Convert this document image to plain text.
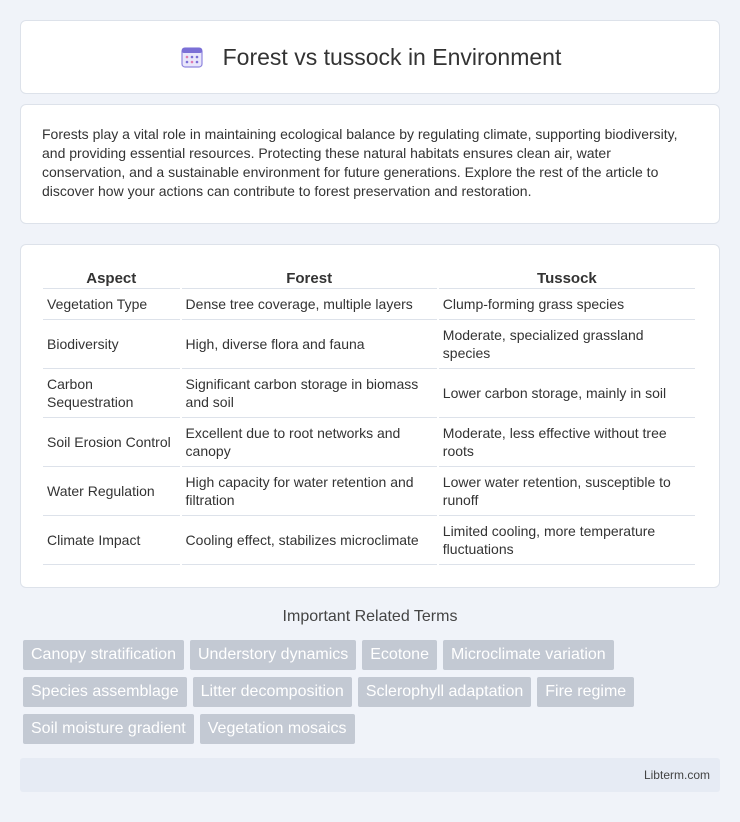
Forest vs tussock in Environment

Forests play a vital role in maintaining ecological balance by regulating climate, supporting biodiversity, and providing essential resources. Protecting these natural habitats ensures clean air, water conservation, and a sustainable environment for future generations. Explore the rest of the article to discover how your actions can contribute to forest preservation and restoration.

Aspect	Forest	Tussock
Vegetation Type	Dense tree coverage, multiple layers	Clump-forming grass species
Biodiversity	High, diverse flora and fauna	Moderate, specialized grassland species
Carbon Sequestration	Significant carbon storage in biomass and soil	Lower carbon storage, mainly in soil
Soil Erosion Control	Excellent due to root networks and canopy	Moderate, less effective without tree roots
Water Regulation	High capacity for water retention and filtration	Lower water retention, susceptible to runoff
Climate Impact	Cooling effect, stabilizes microclimate	Limited cooling, more temperature fluctuations
Important Related Terms
Canopy stratification	Understory dynamics	Ecotone	Microclimate variation
Species assemblage	Litter decomposition	Sclerophyll adaptation	Fire regime
Soil moisture gradient	Vegetation mosaics
Libterm.com
